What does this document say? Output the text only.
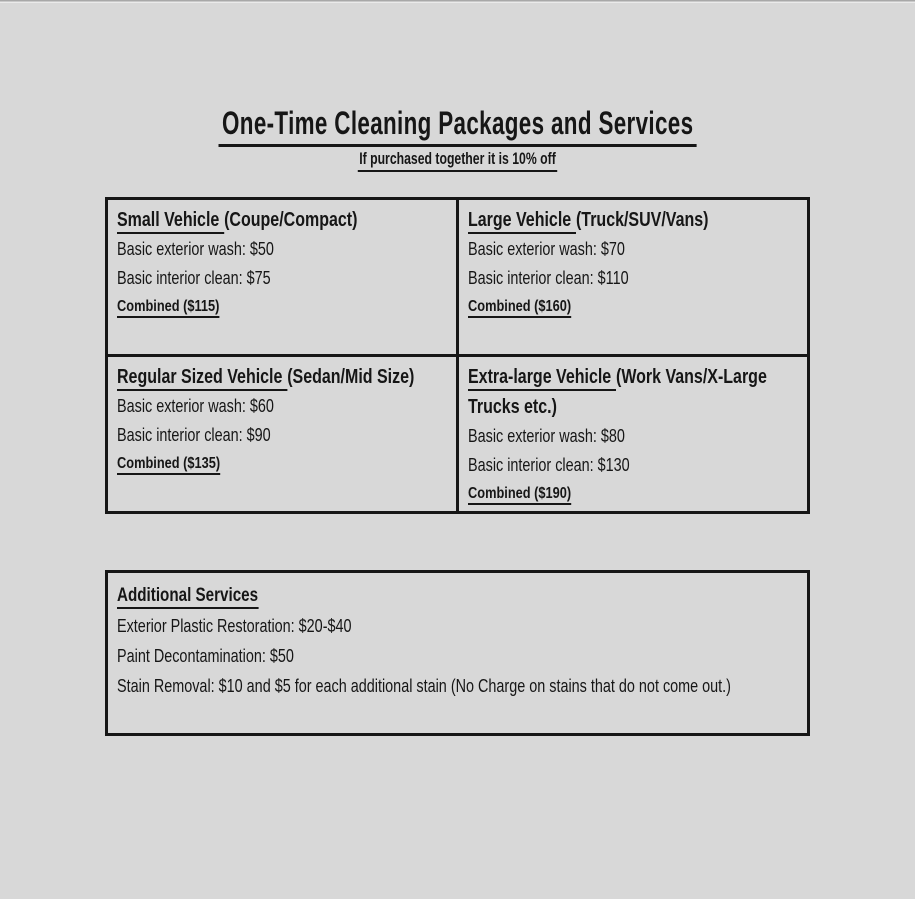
One-Time Cleaning Packages and Services
If purchased together it is 10% off
Small Vehicle (Coupe/Compact)
Basic exterior wash: $50
Basic interior clean: $75
Combined ($115)
Large Vehicle (Truck/SUV/Vans)
Basic exterior wash: $70
Basic interior clean: $110
Combined ($160)
Regular Sized Vehicle (Sedan/Mid Size)
Basic exterior wash: $60
Basic interior clean: $90
Combined ($135)
Extra-large Vehicle (Work Vans/X-Large Trucks etc.)
Basic exterior wash: $80
Basic interior clean: $130
Combined ($190)
Additional Services
Exterior Plastic Restoration: $20-$40
Paint Decontamination: $50
Stain Removal: $10 and $5 for each additional stain (No Charge on stains that do not come out.)
